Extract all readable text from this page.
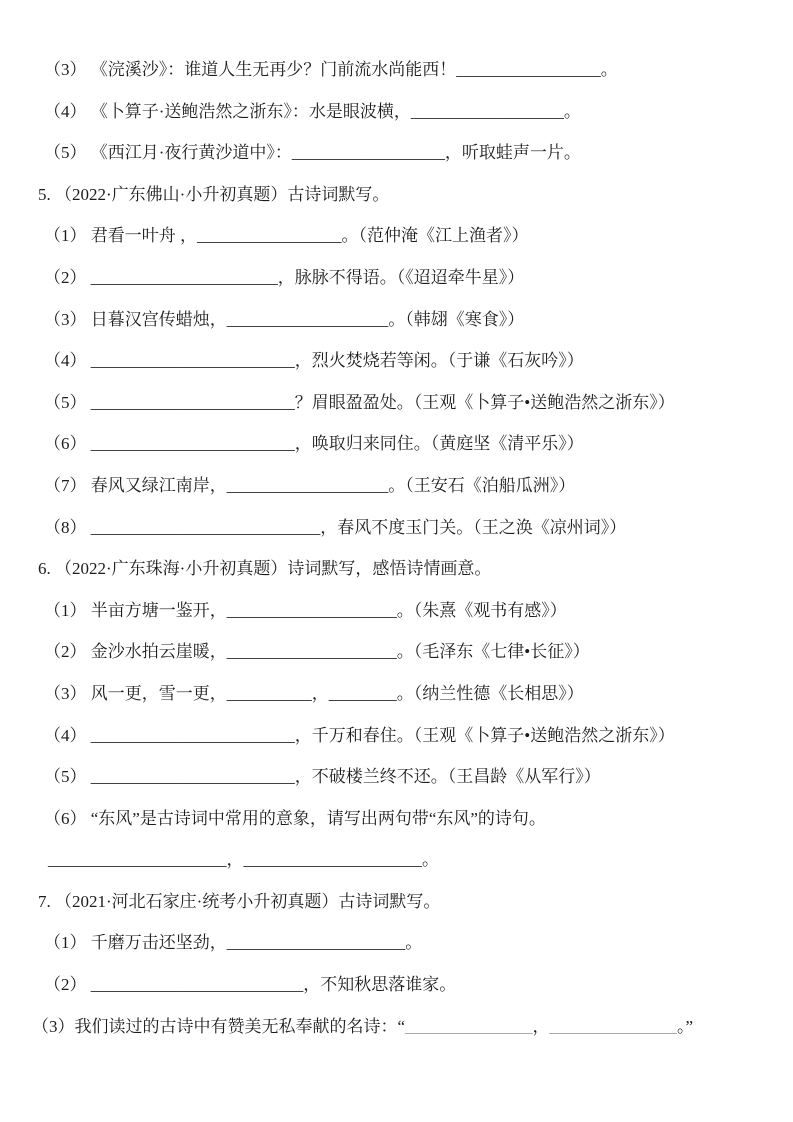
（3） 《浣溪沙》：谁道人生无再少？门前流水尚能西！_________________。
（4） 《卜算子·送鲍浩然之浙东》：水是眼波横，__________________。
（5） 《西江月·夜行黄沙道中》：__________________，听取蛙声一片。
5. （2022·广东佛山·小升初真题）古诗词默写。
（1） 君看一叶舟 ，_________________。（范仲淹《江上渔者》）
（2） ______________________，脉脉不得语。（《迢迢牵牛星》）
（3） 日暮汉宫传蜡烛，___________________。（韩翃《寒食》）
（4） ________________________，烈火焚烧若等闲。（于谦《石灰吟》）
（5） ________________________？眉眼盈盈处。（王观《卜算子•送鲍浩然之浙东》）
（6） ________________________，唤取归来同住。（黄庭坚《清平乐》）
（7） 春风又绿江南岸，___________________。（王安石《泊船瓜洲》）
（8） ___________________________，春风不度玉门关。（王之涣《凉州词》）
6. （2022·广东珠海·小升初真题）诗词默写，感悟诗情画意。
（1） 半亩方塘一鉴开，____________________。（朱熹《观书有感》）
（2） 金沙水拍云崖暖，____________________。（毛泽东《七律•长征》）
（3） 风一更，雪一更，__________，________。（纳兰性德《长相思》）
（4） ________________________，千万和春住。（王观《卜算子•送鲍浩然之浙东》）
（5） ________________________，不破楼兰终不还。（王昌龄《从军行》）
（6） “东风”是古诗词中常用的意象，请写出两句带“东风”的诗句。
_____________________，_____________________。
7. （2021·河北石家庄·统考小升初真题）古诗词默写。
（1） 千磨万击还坚劲，_____________________。
（2） _________________________，不知秋思落谁家。
（3）我们读过的古诗中有赞美无私奉献的名诗：“_______________，_______________。”
